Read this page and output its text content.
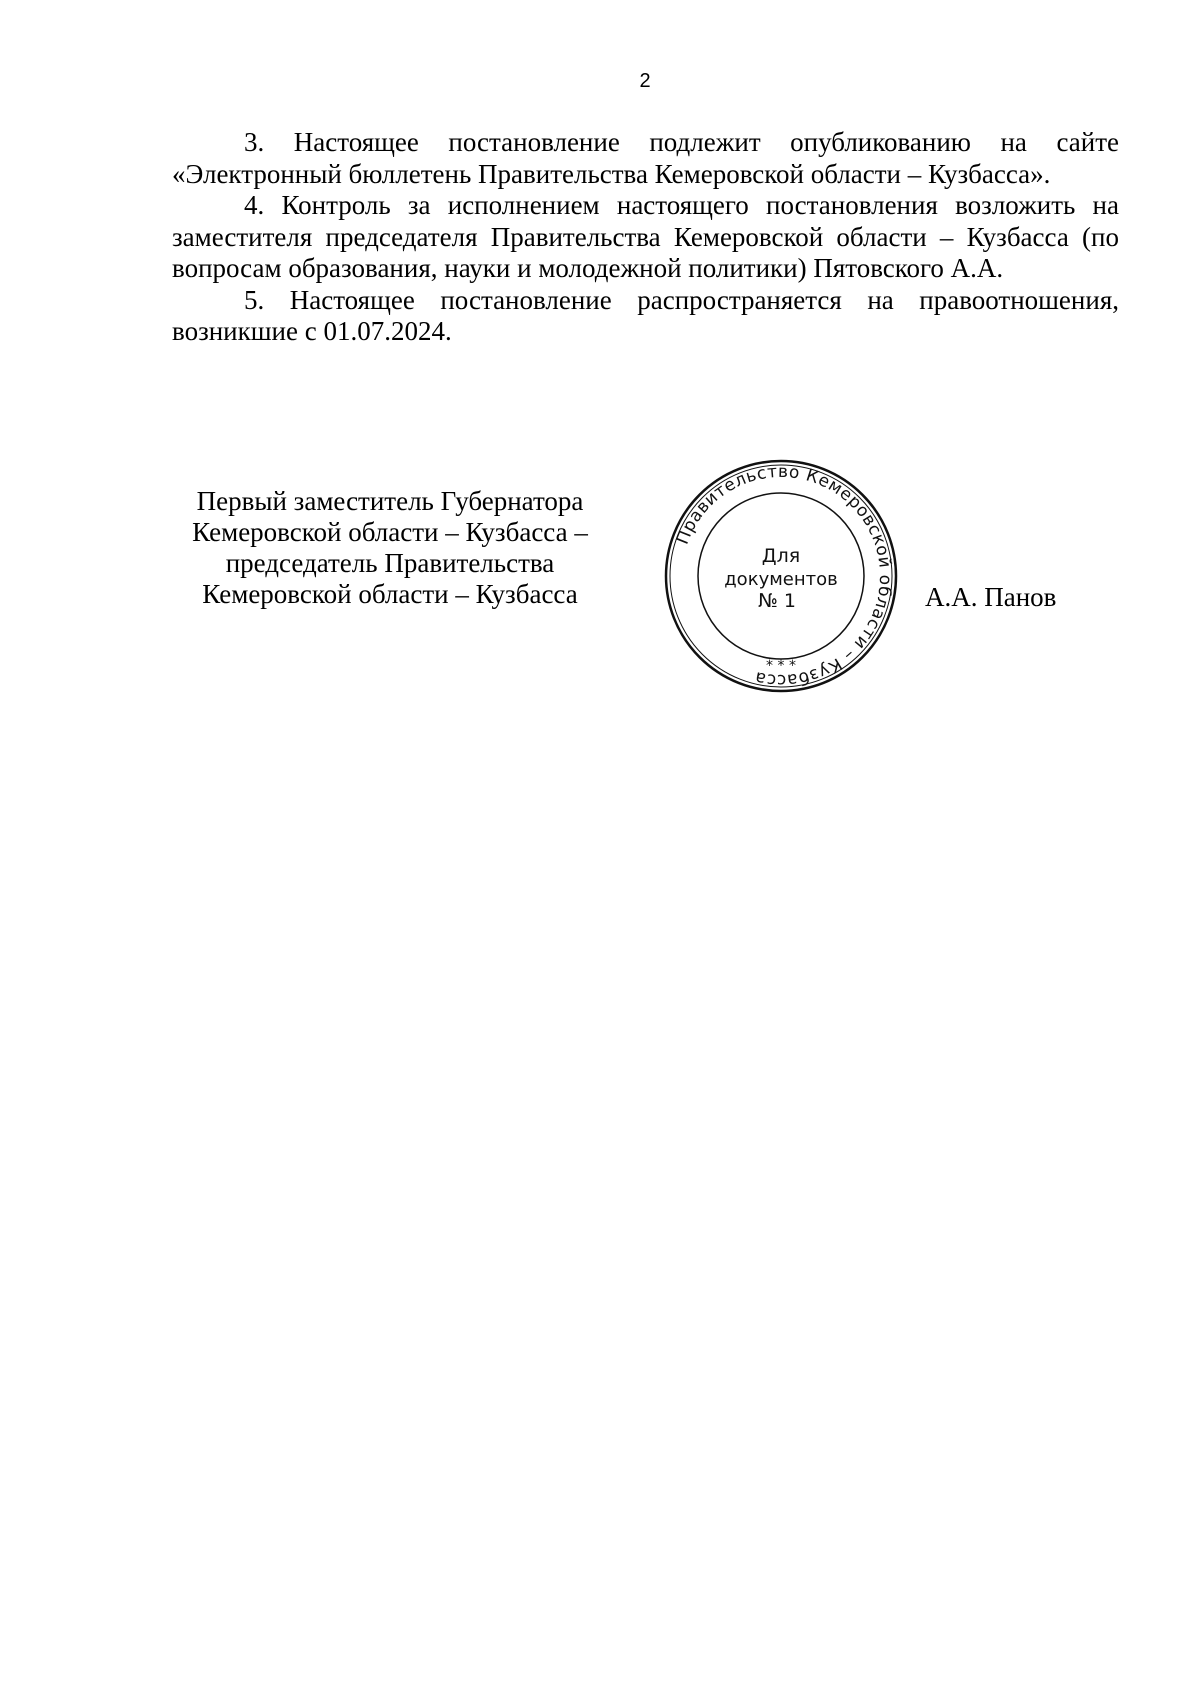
2

3. Настоящее постановление подлежит опубликованию на сайте «Электронный бюллетень Правительства Кемеровской области – Кузбасса».

4. Контроль за исполнением настоящего постановления возложить на заместителя председателя Правительства Кемеровской области – Кузбасса (по вопросам образования, науки и молодежной политики) Пятовского А.А.

5. Настоящее постановление распространяется на правоотношения, возникшие с 01.07.2024.

Первый заместитель Губернатора
Кемеровской области – Кузбасса –
председатель Правительства
Кемеровской области – Кузбасса
Правительство Кемеровской области – Кузбасса
Для
документов
№ 1
* * *
А.А. Панов
